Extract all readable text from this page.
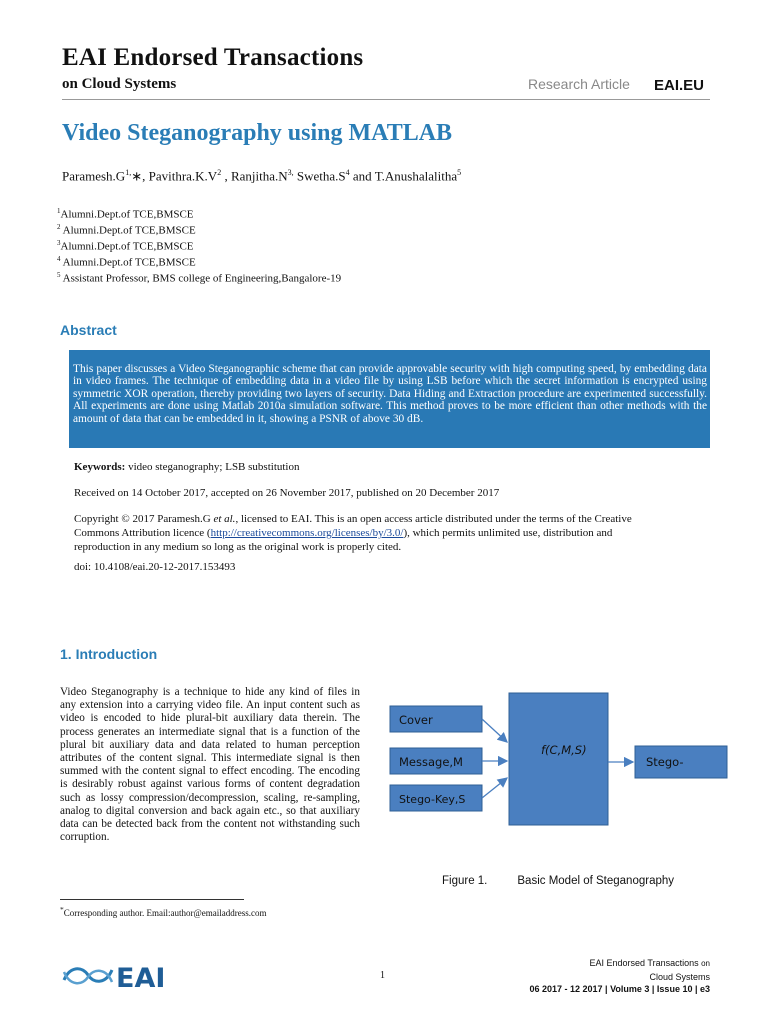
EAI Endorsed Transactions
on Cloud Systems	Research Article EAI.EU
Video Steganography using MATLAB
$Paramesh.G^{1,}∗$, $Pavithra.K.V^2$ , $Ranjitha.N^{3,}$ $Swetha.S^4$ and T.Anushalalitha$^5$
$^1$Alumni.Dept.of TCE,BMSCE
$^2$ Alumni.Dept.of TCE,BMSCE
$^3$Alumni.Dept.of TCE,BMSCE
$^4$ Alumni.Dept.of TCE,BMSCE
$^5$ Assistant Professor, BMS college of Engineering,Bangalore-19
Abstract
This paper discusses a Video Steganographic scheme that can provide approvable security with high computing speed, by embedding data in video frames. The technique of embedding data in a video file by using LSB before which the secret information is encrypted using symmetric XOR operation, thereby providing two layers of security. Data Hiding and Extraction procedure are experimented successfully. All experiments are done using Matlab 2010a simulation software. This method proves to be more efficient than other methods with the amount of data that can be embedded in it, showing a PSNR of above 30 dB.
Keywords: video steganography; LSB substitution
Received on 14 October 2017, accepted on 26 November 2017, published on 20 December 2017
Copyright © 2017 Paramesh.G et al., licensed to EAI. This is an open access article distributed under the terms of the Creative Commons Attribution licence (http://creativecommons.org/licenses/by/3.0/), which permits unlimited use, distribution and reproduction in any medium so long as the original work is properly cited.
doi: 10.4108/eai.20-12-2017.153493
1. Introduction
Video Steganography is a technique to hide any kind of files in any extension into a carrying video file. An input content such as video is encoded to hide plural-bit auxiliary data therein. The process generates an intermediate signal that is a function of the plural bit auxiliary data and data related to human perception attributes of the content signal. This intermediate signal is then summed with the content signal to effect encoding. The encoding is desirably robust against various forms of content degradation such as lossy compression/decompression, scaling, re-sampling, analog to digital conversion and back again etc., so that auxiliary data can be detected back from the content not withstanding such corruption.
Cover
Message,M
Stego-Key,S
f(C,M,S)
Stego-
Figure 1.	Basic Model of Steganography
*Corresponding author. Email:author@emailaddress.com
EAI	1
EAI Endorsed Transactions on
Cloud Systems
06 2017 - 12 2017 | Volume 3 | Issue 10 | e3
